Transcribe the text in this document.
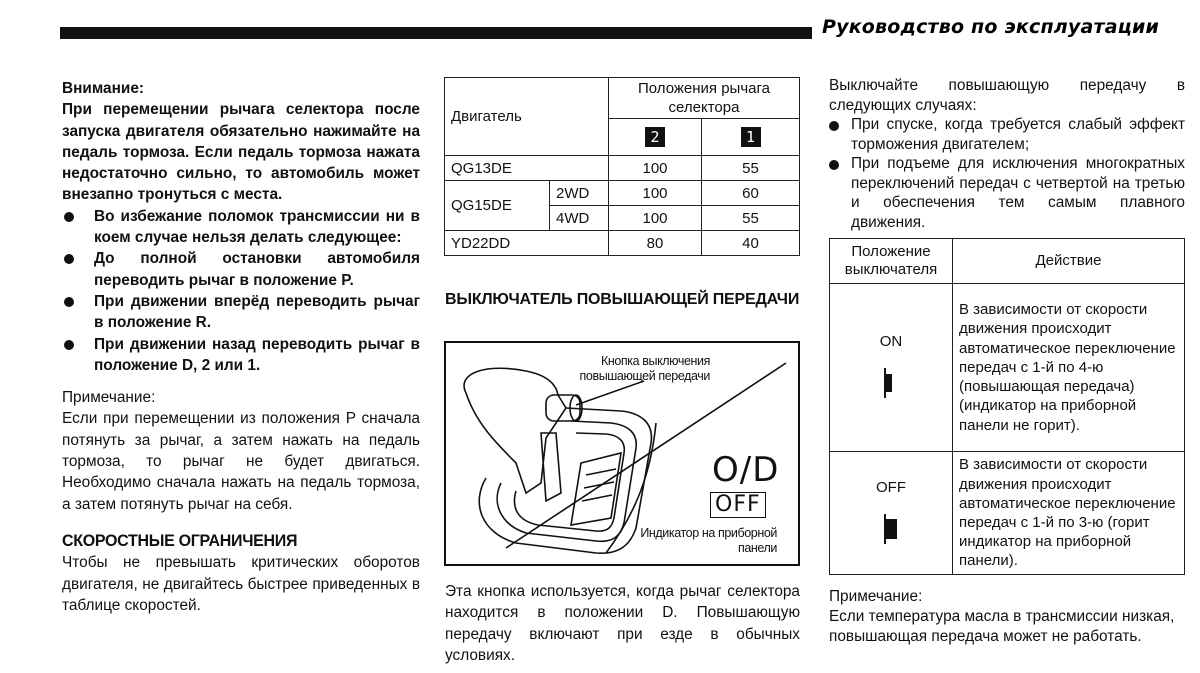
Руководство по эксплуатации
Внимание:
При перемещении рычага селектора после запуска двигателя обязательно нажимайте на педаль тормоза. Если педаль тормоза нажата недостаточно сильно, то автомобиль может внезапно тронуться с места.
Во избежание поломок трансмиссии ни в коем случае нельзя делать следующее:
До полной остановки автомобиля переводить рычаг в положение P.
При движении вперёд переводить рычаг в положение R.
При движении назад переводить рычаг в положение D, 2 или 1.
Примечание:
Если при перемещении из положения P сначала потянуть за рычаг, а затем нажать на педаль тормоза, то рычаг не будет двигаться. Необходимо сначала нажать на педаль тормоза, а затем потянуть рычаг на себя.
СКОРОСТНЫЕ ОГРАНИЧЕНИЯ
Чтобы не превышать критических оборотов двигателя, не двигайтесь быстрее приведенных в таблице скоростей.
Двигатель		Положения рычага селектора	
		2	1
QG13DE		100	55
QG15DE	2WD	100	60
	4WD	100	55
YD22DD		80	40
ВЫКЛЮЧАТЕЛЬ ПОВЫШАЮЩЕЙ ПЕРЕДАЧИ
Кнопка выключения повышающей передачи
O/D
OFF
Индикатор на приборной панели
Эта кнопка используется, когда рычаг селектора находится в положении D. Повышающую передачу включают при езде в обычных условиях.
Выключайте повышающую передачу в следующих случаях:
При спуске, когда требуется слабый эффект торможения двигателем;
При подъеме для исключения многократных переключений передач с четвертой на третью и обеспечения тем самым плавного движения.
Положение выключателя	Действие

ON	В зависимости от скорости движения происходит автоматическое переключение передач с 1-й по 4-ю (повышающая передача) (индикатор на приборной панели не горит).

OFF	В зависимости от скорости движения происходит автоматическое переключение передач с 1-й по 3-ю (горит индикатор на приборной панели).
Примечание:
Если температура масла в трансмиссии низкая, повышающая передача может не работать.
